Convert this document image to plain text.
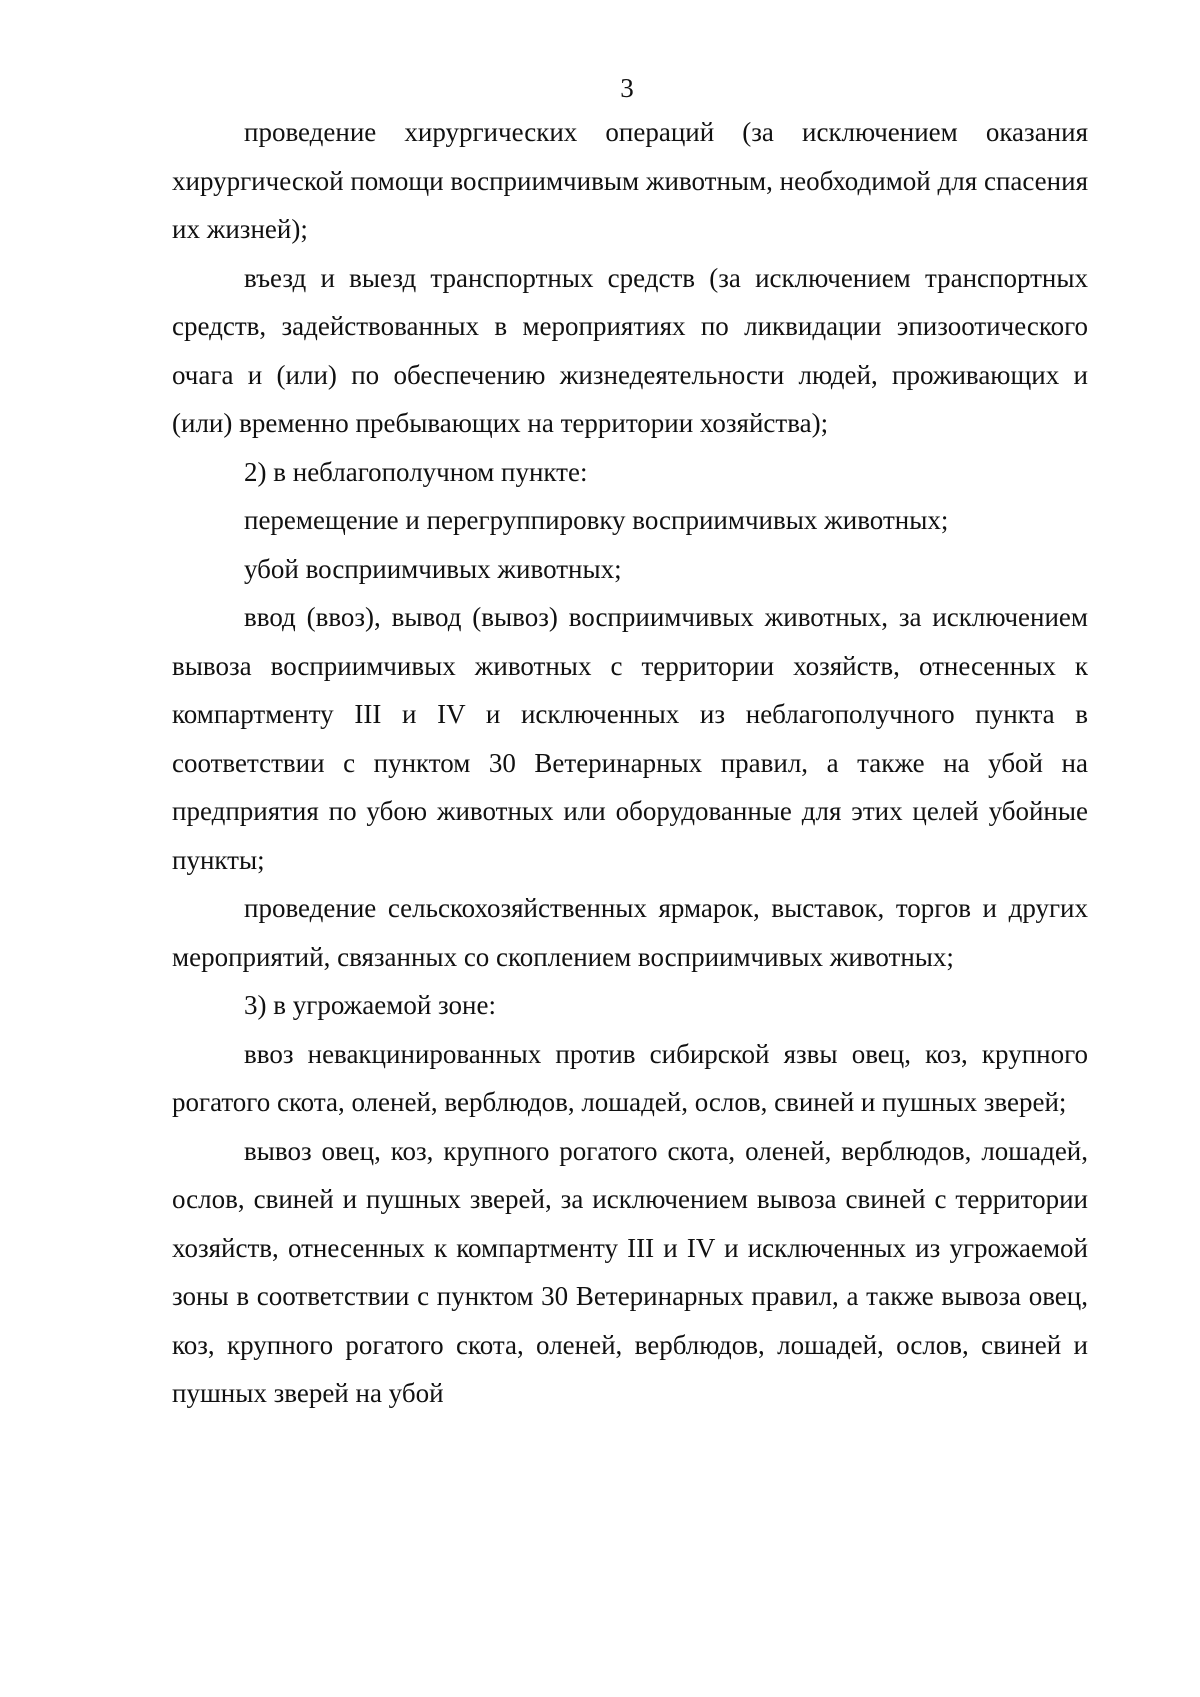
3

проведение хирургических операций (за исключением оказания хирургической помощи восприимчивым животным, необходимой для спасения их жизней);

въезд и выезд транспортных средств (за исключением транспортных средств, задействованных в мероприятиях по ликвидации эпизоотического очага и (или) по обеспечению жизнедеятельности людей, проживающих и (или) временно пребывающих на территории хозяйства);

2) в неблагополучном пункте:

перемещение и перегруппировку восприимчивых животных;

убой восприимчивых животных;

ввод (ввоз), вывод (вывоз) восприимчивых животных, за исключением вывоза восприимчивых животных с территории хозяйств, отнесенных к компартменту III и IV и исключенных из неблагополучного пункта в соответствии с пунктом 30 Ветеринарных правил, а также на убой на предприятия по убою животных или оборудованные для этих целей убойные пункты;

проведение сельскохозяйственных ярмарок, выставок, торгов и других мероприятий, связанных со скоплением восприимчивых животных;

3) в угрожаемой зоне:

ввоз невакцинированных против сибирской язвы овец, коз, крупного рогатого скота, оленей, верблюдов, лошадей, ослов, свиней и пушных зверей;

вывоз овец, коз, крупного рогатого скота, оленей, верблюдов, лошадей, ослов, свиней и пушных зверей, за исключением вывоза свиней с территории хозяйств, отнесенных к компартменту III и IV и исключенных из угрожаемой зоны в соответствии с пунктом 30 Ветеринарных правил, а также вывоза овец, коз, крупного рогатого скота, оленей, верблюдов, лошадей, ослов, свиней и пушных зверей на убой
